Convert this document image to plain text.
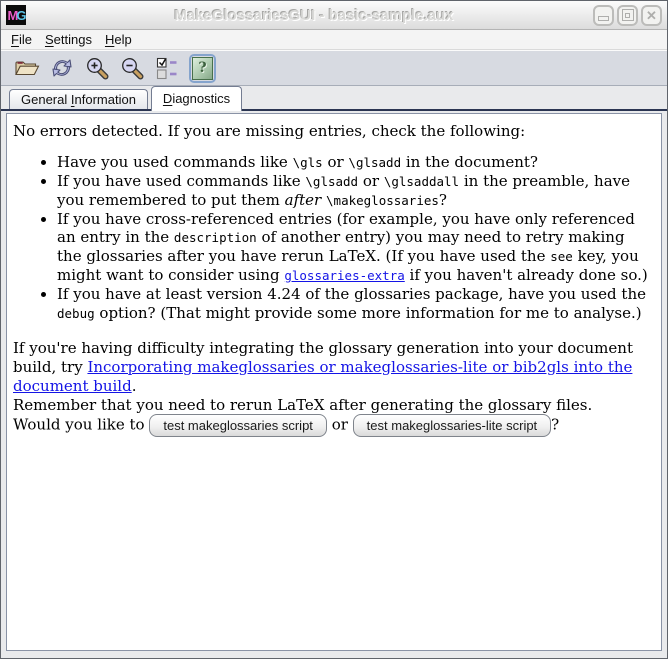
M G	MakeGlossariesGUI - basic-sample.aux	✕
File Settings Help
?
General Information	Diagnostics

No errors detected. If you are missing entries, check the following:

• Have you used commands like \gls or \glsadd in the document?
• If you have used commands like \glsadd or \glsaddall in the preamble, have you remembered to put them after \makeglossaries?
• If you have cross-referenced entries (for example, you have only referenced an entry in the description of another entry) you may need to retry making the glossaries after you have rerun LaTeX. (If you have used the see key, you might want to consider using glossaries-extra if you haven't already done so.)
• If you have at least version 4.24 of the glossaries package, have you used the debug option? (That might provide some more information for me to analyse.)

If you're having difficulty integrating the glossary generation into your document build, try Incorporating makeglossaries or makeglossaries-lite or bib2gls into the document build.

Remember that you need to rerun LaTeX after generating the glossary files.

Would you like to test makeglossaries script or test makeglossaries-lite script ?
